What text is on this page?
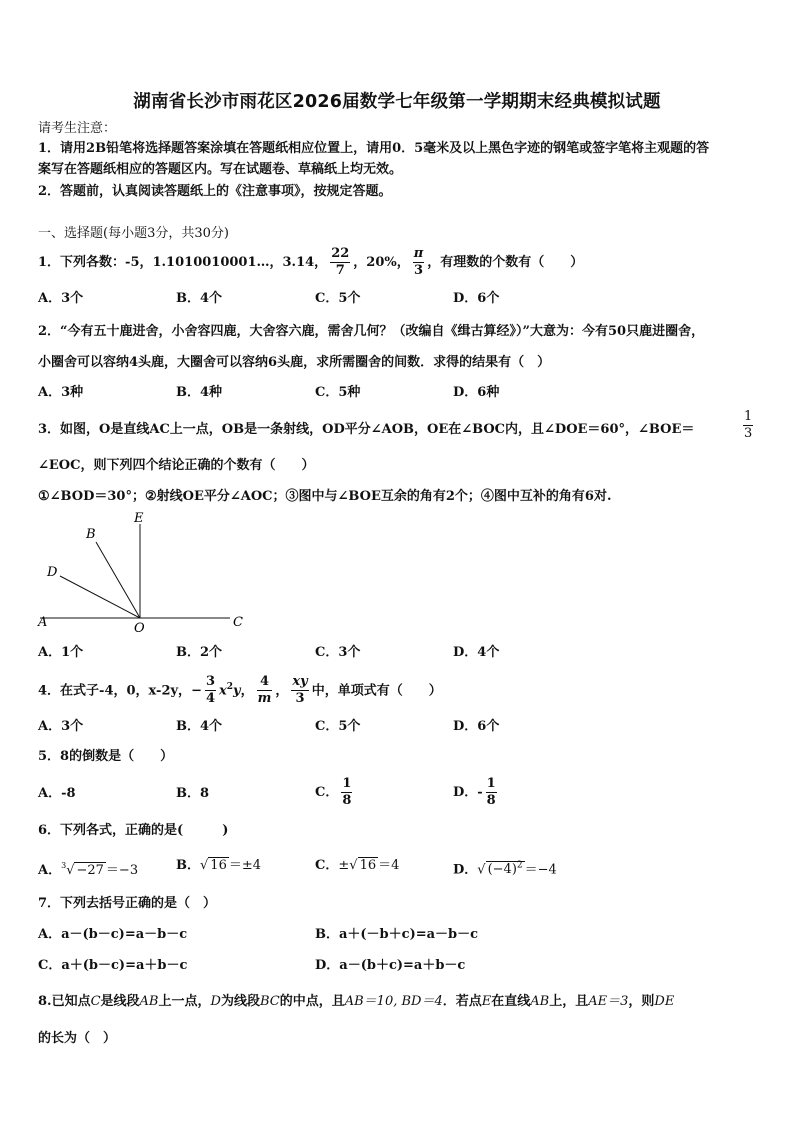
湖南省长沙市雨花区2026届数学七年级第一学期期末经典模拟试题
请考生注意：
1．请用2B铅笔将选择题答案涂填在答题纸相应位置上，请用0．5毫米及以上黑色字迹的钢笔或签字笔将主观题的答
案写在答题纸相应的答题区内。写在试题卷、草稿纸上均无效。
2．答题前，认真阅读答题纸上的《注意事项》，按规定答题。
一、选择题(每小题3分，共30分)
1．下列各数：-5，1.1010010001…，3.14， $\frac{22}{7}$ ，20%， $\frac{\pi}{3}$ ，有理数的个数有（　　）
A．3个	B．4个	C．5个	D．6个
2．“今有五十鹿进舍，小舍容四鹿，大舍容六鹿，需舍几何？（改编自《缉古算经》）”大意为：今有50只鹿进圈舍，
小圈舍可以容纳4头鹿，大圈舍可以容纳6头鹿，求所需圈舍的间数．求得的结果有（　）
A．3种	B．4种	C．5种	D．6种
3．如图，O是直线AC上一点，OB是一条射线，OD平分∠AOB，OE在∠BOC内，且∠DOE＝60°，∠BOE＝	$\frac{1}{3}$
∠EOC，则下列四个结论正确的个数有（　　）
①∠BOD＝30°；②射线OE平分∠AOC；③图中与∠BOE互余的角有2个；④图中互补的角有6对.
A	O	C
B
D
E
A．1个	B．2个	C．3个	D．4个
4．在式子-4，0，x-2y，− $\frac{3}{4} x^2y$， $\frac{4}{m}$ ， $\frac{xy}{3}$ 中，单项式有（　　）
A．3个	B．4个	C．5个	D．6个
5．8的倒数是（　　）
A．-8	B．8	C． $\frac{1}{8}$	D．- $\frac{1}{8}$
6．下列各式，正确的是(　　　)
A．$^3$√ −27 ＝−3	B．√ 16 ＝±4	C．±√ 16 ＝4	D．√ $(-4)^2 =-4$
7．下列去括号正确的是（　）
A．a－(b－c)=a－b－c	B．a＋(－b＋c)=a－b－c
C．a＋(b－c)=a＋b－c	D．a－(b＋c)=a＋b－c
8.已知点C是线段AB上一点，D为线段BC的中点，且AB＝10, BD＝4．若点E在直线AB上，且AE＝3，则DE
的长为（　）
